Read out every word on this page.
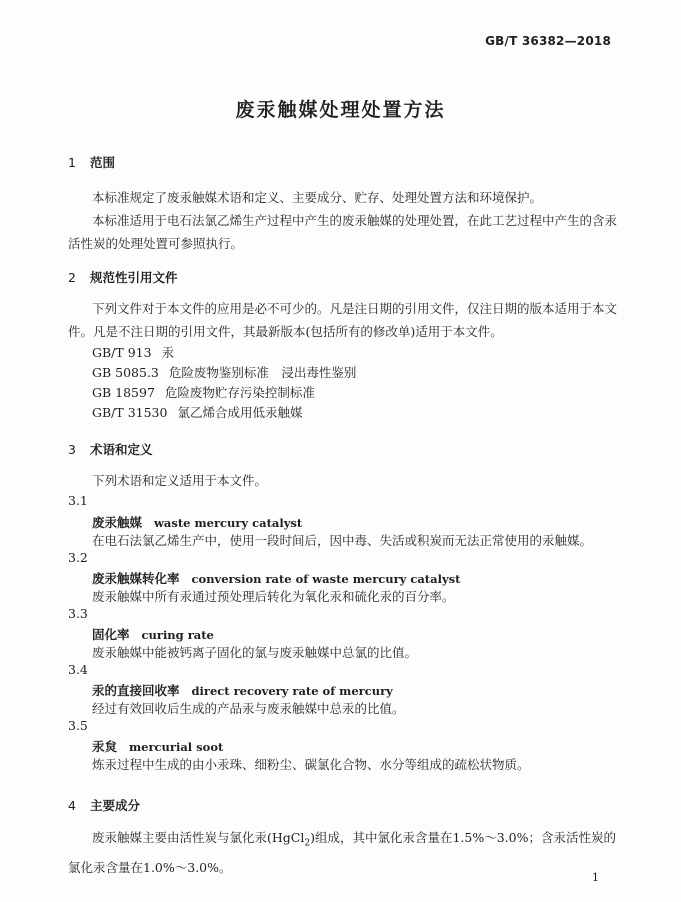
GB/T 36382—2018
废汞触媒处理处置方法
1 范围
本标准规定了废汞触媒术语和定义、主要成分、贮存、处理处置方法和环境保护。
本标准适用于电石法氯乙烯生产过程中产生的废汞触媒的处理处置，在此工艺过程中产生的含汞活性炭的处理处置可参照执行。
2 规范性引用文件
下列文件对于本文件的应用是必不可少的。凡是注日期的引用文件，仅注日期的版本适用于本文件。凡是不注日期的引用文件，其最新版本(包括所有的修改单)适用于本文件。
GB/T 913 汞
GB 5085.3 危险废物鉴别标准　浸出毒性鉴别
GB 18597 危险废物贮存污染控制标准
GB/T 31530 氯乙烯合成用低汞触媒
3 术语和定义
下列术语和定义适用于本文件。
3.1
废汞触媒 waste mercury catalyst
在电石法氯乙烯生产中，使用一段时间后，因中毒、失活或积炭而无法正常使用的汞触媒。
3.2
废汞触媒转化率 conversion rate of waste mercury catalyst
废汞触媒中所有汞通过预处理后转化为氧化汞和硫化汞的百分率。
3.3
固化率 curing rate
废汞触媒中能被钙离子固化的氯与废汞触媒中总氯的比值。
3.4
汞的直接回收率 direct recovery rate of mercury
经过有效回收后生成的产品汞与废汞触媒中总汞的比值。
3.5
汞炱 mercurial soot
炼汞过程中生成的由小汞珠、细粉尘、碳氯化合物、水分等组成的疏松状物质。
4 主要成分
废汞触媒主要由活性炭与氯化汞(HgCl$_2$)组成，其中氯化汞含量在1.5%～3.0%；含汞活性炭的氯化汞含量在1.0%～3.0%。
1
